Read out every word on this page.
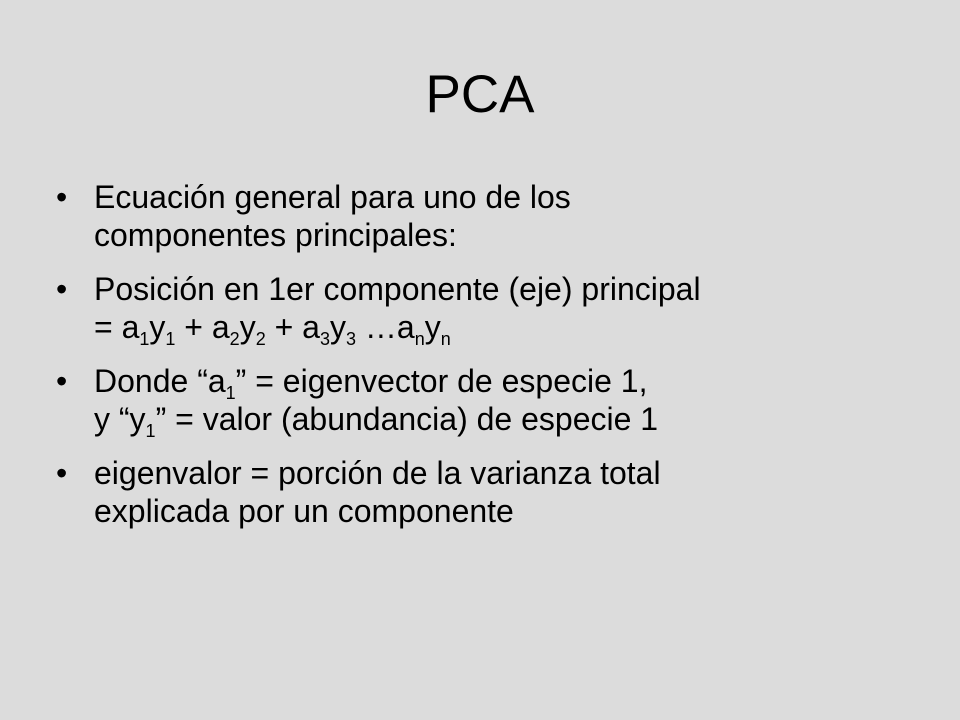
PCA
• Ecuación general para uno de los
componentes principales:
• Posición en 1er componente (eje) principal
= $a_1y_1 + a_2y_2 + a_3y_3$ $\dots a_ny_n$
• Donde “$a_1$” = eigenvector de especie 1,
y “$y_1$” = valor (abundancia) de especie 1
• eigenvalor = porción de la varianza total
explicada por un componente
